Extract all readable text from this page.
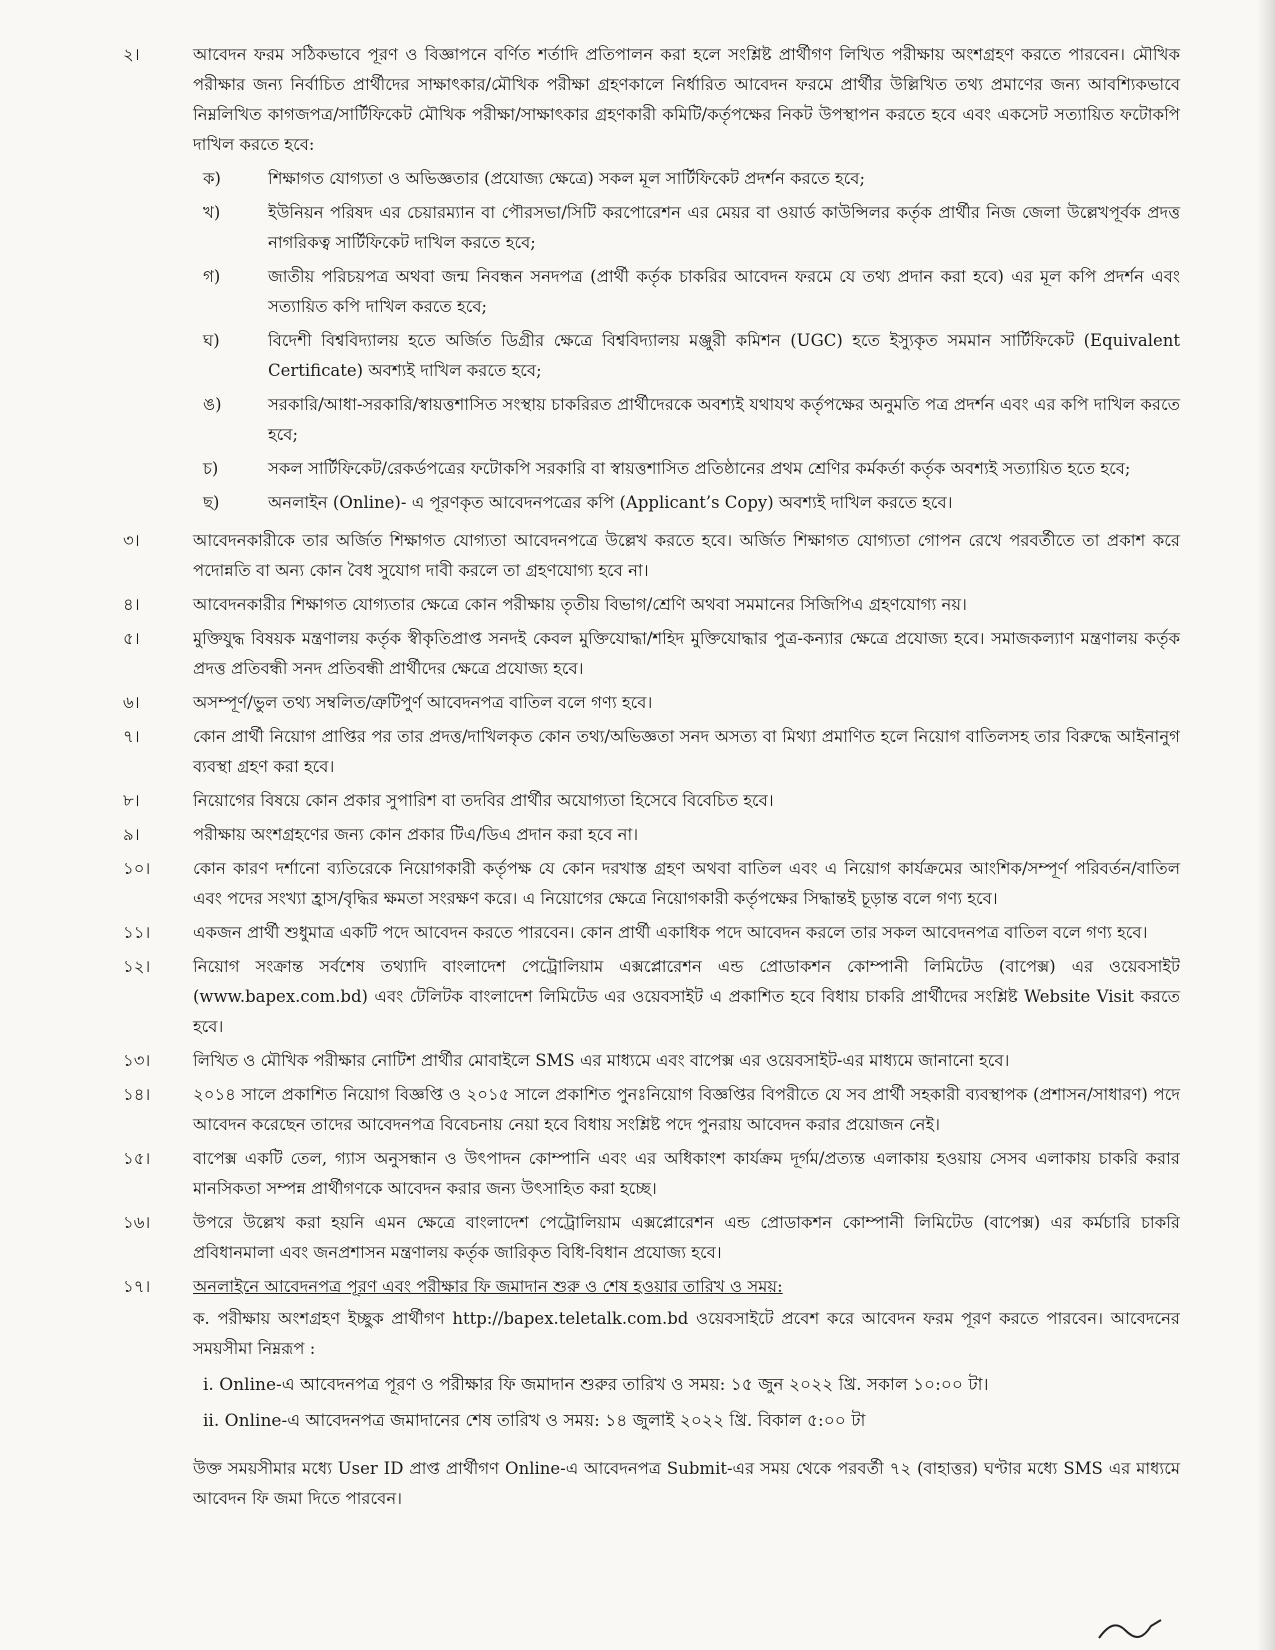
২।	আবেদন ফরম সঠিকভাবে পূরণ ও বিজ্ঞাপনে বর্ণিত শর্তাদি প্রতিপালন করা হলে সংশ্লিষ্ট প্রার্থীগণ লিখিত পরীক্ষায় অংশগ্রহণ করতে পারবেন। মৌখিক পরীক্ষার জন্য নির্বাচিত প্রার্থীদের সাক্ষাৎকার/মৌখিক পরীক্ষা গ্রহণকালে নির্ধারিত আবেদন ফরমে প্রার্থীর উল্লিখিত তথ্য প্রমাণের জন্য আবশ্যিকভাবে নিম্নলিখিত কাগজপত্র/সার্টিফিকেট মৌখিক পরীক্ষা/সাক্ষাৎকার গ্রহণকারী কমিটি/কর্তৃপক্ষের নিকট উপস্থাপন করতে হবে এবং একসেট সত্যায়িত ফটোকপি দাখিল করতে হবে:
ক)	শিক্ষাগত যোগ্যতা ও অভিজ্ঞতার (প্রযোজ্য ক্ষেত্রে) সকল মূল সার্টিফিকেট প্রদর্শন করতে হবে;
খ)	ইউনিয়ন পরিষদ এর চেয়ারম্যান বা পৌরসভা/সিটি করপোরেশন এর মেয়র বা ওয়ার্ড কাউন্সিলর কর্তৃক প্রার্থীর নিজ জেলা উল্লেখপূর্বক প্রদত্ত নাগরিকত্ব সার্টিফিকেট দাখিল করতে হবে;
গ)	জাতীয় পরিচয়পত্র অথবা জন্ম নিবন্ধন সনদপত্র (প্রার্থী কর্তৃক চাকরির আবেদন ফরমে যে তথ্য প্রদান করা হবে) এর মূল কপি প্রদর্শন এবং সত্যায়িত কপি দাখিল করতে হবে;
ঘ)	বিদেশী বিশ্ববিদ্যালয় হতে অর্জিত ডিগ্রীর ক্ষেত্রে বিশ্ববিদ্যালয় মঞ্জুরী কমিশন (UGC) হতে ইস্যুকৃত সমমান সার্টিফিকেট (Equivalent Certificate) অবশ্যই দাখিল করতে হবে;
ঙ)	সরকারি/আধা-সরকারি/স্বায়ত্তশাসিত সংস্থায় চাকরিরত প্রার্থীদেরকে অবশ্যই যথাযথ কর্তৃপক্ষের অনুমতি পত্র প্রদর্শন এবং এর কপি দাখিল করতে হবে;
চ)	সকল সার্টিফিকেট/রেকর্ডপত্রের ফটোকপি সরকারি বা স্বায়ত্তশাসিত প্রতিষ্ঠানের প্রথম শ্রেণির কর্মকর্তা কর্তৃক অবশ্যই সত্যায়িত হতে হবে;
ছ)	অনলাইন (Online)- এ পূরণকৃত আবেদনপত্রের কপি (Applicant’s Copy) অবশ্যই দাখিল করতে হবে।
৩।	আবেদনকারীকে তার অর্জিত শিক্ষাগত যোগ্যতা আবেদনপত্রে উল্লেখ করতে হবে। অর্জিত শিক্ষাগত যোগ্যতা গোপন রেখে পরবর্তীতে তা প্রকাশ করে পদোন্নতি বা অন্য কোন বৈধ সুযোগ দাবী করলে তা গ্রহণযোগ্য হবে না।
৪।	আবেদনকারীর শিক্ষাগত যোগ্যতার ক্ষেত্রে কোন পরীক্ষায় তৃতীয় বিভাগ/শ্রেণি অথবা সমমানের সিজিপিএ গ্রহণযোগ্য নয়।
৫।	মুক্তিযুদ্ধ বিষয়ক মন্ত্রণালয় কর্তৃক স্বীকৃতিপ্রাপ্ত সনদই কেবল মুক্তিযোদ্ধা/শহিদ মুক্তিযোদ্ধার পুত্র-কন্যার ক্ষেত্রে প্রযোজ্য হবে। সমাজকল্যাণ মন্ত্রণালয় কর্তৃক প্রদত্ত প্রতিবন্ধী সনদ প্রতিবন্ধী প্রার্থীদের ক্ষেত্রে প্রযোজ্য হবে।
৬।	অসম্পূর্ণ/ভুল তথ্য সম্বলিত/ত্রুটিপুর্ণ আবেদনপত্র বাতিল বলে গণ্য হবে।
৭।	কোন প্রার্থী নিয়োগ প্রাপ্তির পর তার প্রদত্ত/দাখিলকৃত কোন তথ্য/অভিজ্ঞতা সনদ অসত্য বা মিথ্যা প্রমাণিত হলে নিয়োগ বাতিলসহ তার বিরুদ্ধে আইনানুগ ব্যবস্থা গ্রহণ করা হবে।
৮।	নিয়োগের বিষয়ে কোন প্রকার সুপারিশ বা তদবির প্রার্থীর অযোগ্যতা হিসেবে বিবেচিত হবে।
৯।	পরীক্ষায় অংশগ্রহণের জন্য কোন প্রকার টিএ/ডিএ প্রদান করা হবে না।
১০।	কোন কারণ দর্শানো ব্যতিরেকে নিয়োগকারী কর্তৃপক্ষ যে কোন দরখাস্ত গ্রহণ অথবা বাতিল এবং এ নিয়োগ কার্যক্রমের আংশিক/সম্পূর্ণ পরিবর্তন/বাতিল এবং পদের সংখ্যা হ্রাস/বৃদ্ধির ক্ষমতা সংরক্ষণ করে। এ নিয়োগের ক্ষেত্রে নিয়োগকারী কর্তৃপক্ষের সিদ্ধান্তই চূড়ান্ত বলে গণ্য হবে।
১১।	একজন প্রার্থী শুধুমাত্র একটি পদে আবেদন করতে পারবেন। কোন প্রার্থী একাধিক পদে আবেদন করলে তার সকল আবেদনপত্র বাতিল বলে গণ্য হবে।
১২।	নিয়োগ সংক্রান্ত সর্বশেষ তথ্যাদি বাংলাদেশ পেট্রোলিয়াম এক্সপ্লোরেশন এন্ড প্রোডাকশন কোম্পানী লিমিটেড (বাপেক্স) এর ওয়েবসাইট (www.bapex.com.bd) এবং টেলিটক বাংলাদেশ লিমিটেড এর ওয়েবসাইট এ প্রকাশিত হবে বিধায় চাকরি প্রার্থীদের সংশ্লিষ্ট Website Visit করতে হবে।
১৩।	লিখিত ও মৌখিক পরীক্ষার নোটিশ প্রার্থীর মোবাইলে SMS এর মাধ্যমে এবং বাপেক্স এর ওয়েবসাইট-এর মাধ্যমে জানানো হবে।
১৪।	২০১৪ সালে প্রকাশিত নিয়োগ বিজ্ঞপ্তি ও ২০১৫ সালে প্রকাশিত পুনঃনিয়োগ বিজ্ঞপ্তির বিপরীতে যে সব প্রার্থী সহকারী ব্যবস্থাপক (প্রশাসন/সাধারণ) পদে আবেদন করেছেন তাদের আবেদনপত্র বিবেচনায় নেয়া হবে বিধায় সংশ্লিষ্ট পদে পুনরায় আবেদন করার প্রয়োজন নেই।
১৫।	বাপেক্স একটি তেল, গ্যাস অনুসন্ধান ও উৎপাদন কোম্পানি এবং এর অধিকাংশ কার্যক্রম দূর্গম/প্রত্যন্ত এলাকায় হওয়ায় সেসব এলাকায় চাকরি করার মানসিকতা সম্পন্ন প্রার্থীগণকে আবেদন করার জন্য উৎসাহিত করা হচ্ছে।
১৬।	উপরে উল্লেখ করা হয়নি এমন ক্ষেত্রে বাংলাদেশ পেট্রোলিয়াম এক্সপ্লোরেশন এন্ড প্রোডাকশন কোম্পানী লিমিটেড (বাপেক্স) এর কর্মচারি চাকরি প্রবিধানমালা এবং জনপ্রশাসন মন্ত্রণালয় কর্তৃক জারিকৃত বিধি-বিধান প্রযোজ্য হবে।
১৭।	অনলাইনে আবেদনপত্র পূরণ এবং পরীক্ষার ফি জমাদান শুরু ও শেষ হওয়ার তারিখ ও সময়:
ক. পরীক্ষায় অংশগ্রহণ ইচ্ছুক প্রার্থীগণ http://bapex.teletalk.com.bd ওয়েবসাইটে প্রবেশ করে আবেদন ফরম পূরণ করতে পারবেন। আবেদনের সময়সীমা নিম্নরূপ :
i. Online-এ আবেদনপত্র পূরণ ও পরীক্ষার ফি জমাদান শুরুর তারিখ ও সময়: ১৫ জুন ২০২২ খ্রি. সকাল ১০:০০ টা।
ii. Online-এ আবেদনপত্র জমাদানের শেষ তারিখ ও সময়: ১৪ জুলাই ২০২২ খ্রি. বিকাল ৫:০০ টা
উক্ত সময়সীমার মধ্যে User ID প্রাপ্ত প্রার্থীগণ Online-এ আবেদনপত্র Submit-এর সময় থেকে পরবর্তী ৭২ (বাহাত্তর) ঘণ্টার মধ্যে SMS এর মাধ্যমে আবেদন ফি জমা দিতে পারবেন।
